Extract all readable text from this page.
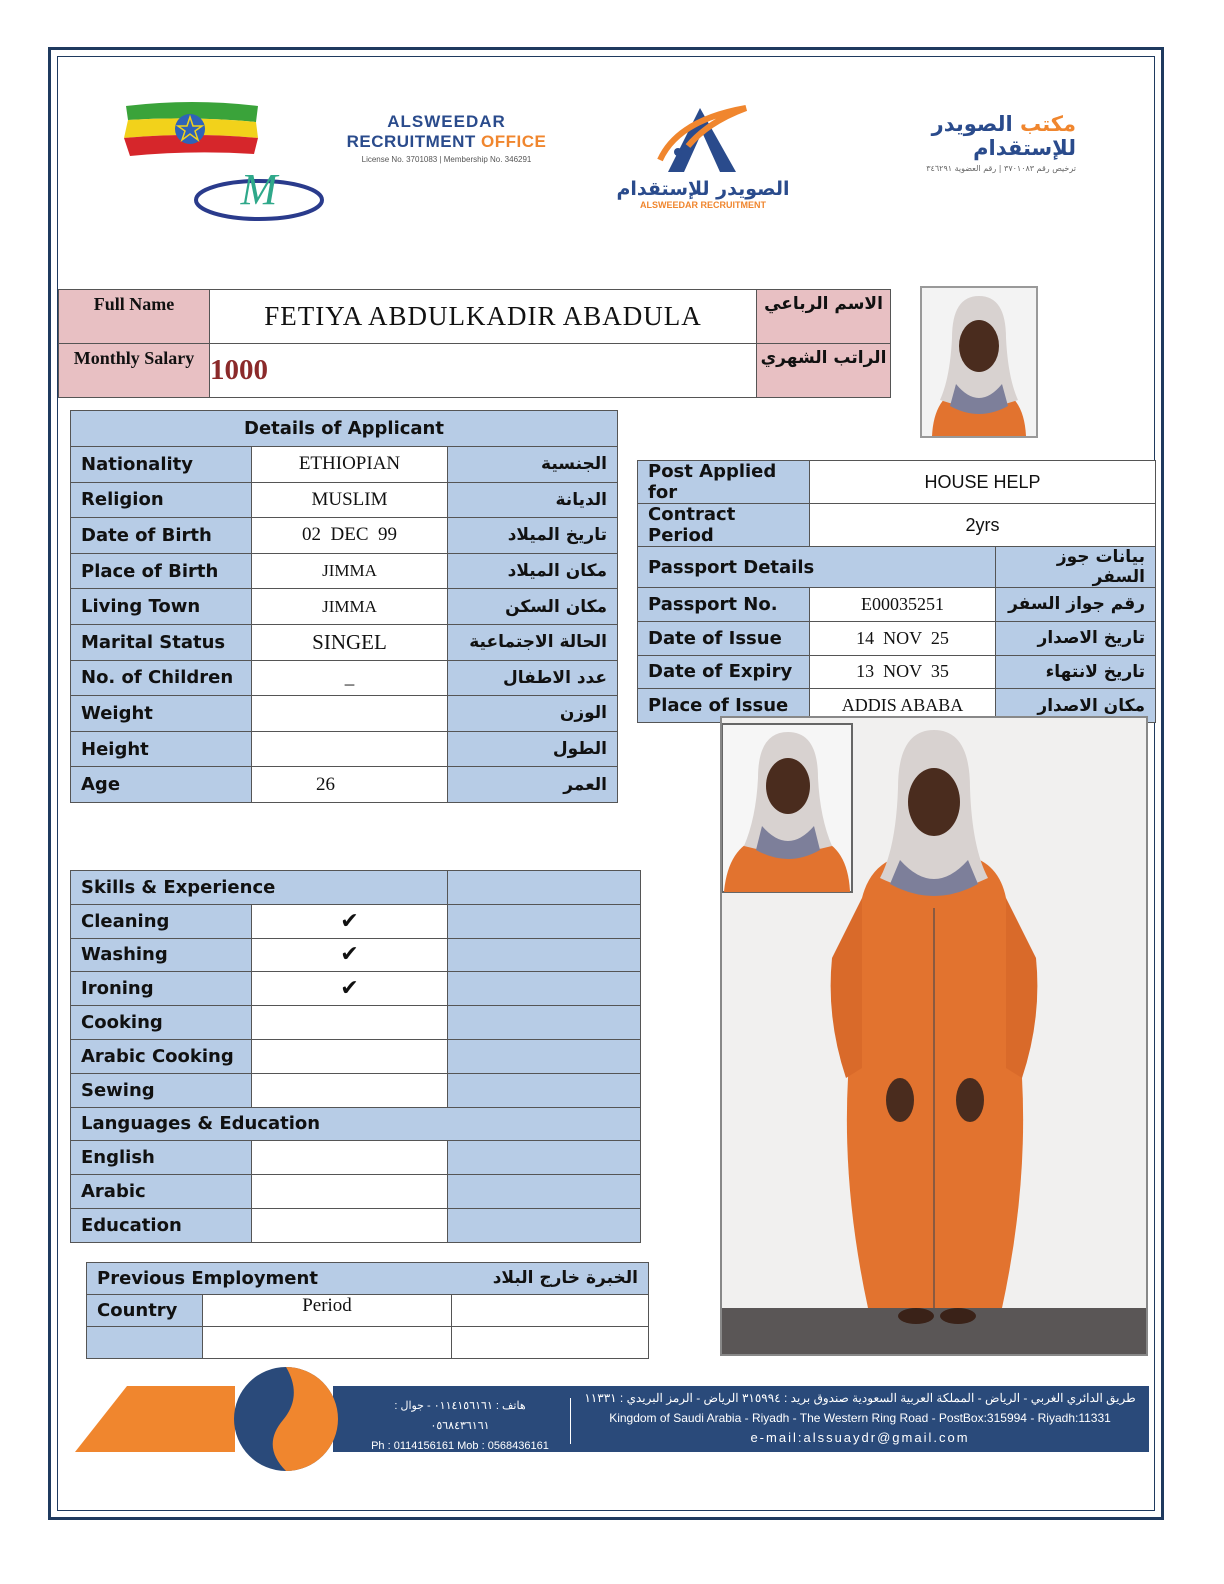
M
ALSWEEDAR
RECRUITMENT OFFICE
License No. 3701083 | Membership No. 346291
الصويدر للإستقدام
ALSWEEDAR RECRUITMENT
مكتب الصويدر للإستقدام
ترخيص رقم ٣٧٠١٠٨٣ | رقم العضوية ٣٤٦٢٩١
Full Name	FETIYA ABDULKADIR ABADULA	الاسم الرباعي
Monthly Salary	1000	الراتب الشهري
Details of Applicant		
Nationality	ETHIOPIAN	الجنسية
Religion	MUSLIM	الديانة
Date of Birth	02  DEC  99	تاريخ الميلاد
Place of Birth	JIMMA	مكان الميلاد
Living Town	JIMMA	مكان السكن
Marital Status	SINGEL	الحالة الاجتماعية
No. of Children	_	عدد الاطفال
Weight		الوزن
Height		الطول
Age	26	العمر
Post Applied for	HOUSE HELP	
Contract Period	2yrs	
Passport Details		بيانات جوز السفر
Passport No.	E00035251	رقم جواز السفر
Date of Issue	14  NOV  25	تاريخ الاصدار
Date of Expiry	13  NOV  35	تاريخ لانتهاء
Place of Issue	ADDIS ABABA	مكان الاصدار
Skills & Experience		
Cleaning	✔	
Washing	✔	
Ironing	✔	
Cooking		
Arabic Cooking		
Sewing		
Languages & Education		
English		
Arabic		
Education		
Previous Employment الخبرة خارج البلاد		

Country	Period	

هاتف : ٠١١٤١٥٦١٦١ - جوال : ٠٥٦٨٤٣٦١٦١
Ph : 0114156161 Mob : 0568436161
طريق الدائري الغربي - الرياض - المملكة العربية السعودية صندوق بريد : ٣١٥٩٩٤ الرياض - الرمز البريدي : ١١٣٣١
Kingdom of Saudi Arabia - Riyadh - The Western Ring Road - PostBox:315994 - Riyadh:11331
e-mail:alssuaydr@gmail.com
